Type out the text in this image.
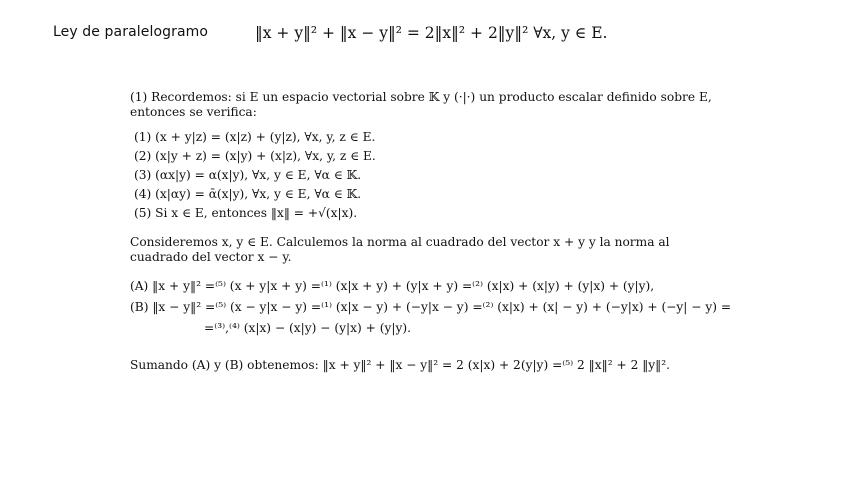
Ley de paralelogramo	‖x + y‖² + ‖x − y‖² = 2‖x‖² + 2‖y‖² ∀x, y ∈ E.

(1) Recordemos: si E un espacio vectorial sobre 𝕂 y (·|·) un producto escalar definido sobre E, entonces se verifica:

(1) (x + y|z) = (x|z) + (y|z), ∀x, y, z ∈ E.
(2) (x|y + z) = (x|y) + (x|z), ∀x, y, z ∈ E.
(3) (αx|y) = α(x|y), ∀x, y ∈ E, ∀α ∈ 𝕂.
(4) (x|αy) = ᾱ(x|y), ∀x, y ∈ E, ∀α ∈ 𝕂.
(5) Si x ∈ E, entonces ‖x‖ = +√(x|x).

Consideremos x, y ∈ E. Calculemos la norma al cuadrado del vector x + y y la norma al cuadrado del vector x − y.

(A) ‖x + y‖² =⁽⁵⁾ (x + y|x + y) =⁽¹⁾ (x|x + y) + (y|x + y) =⁽²⁾ (x|x) + (x|y) + (y|x) + (y|y),
(B) ‖x − y‖² =⁽⁵⁾ (x − y|x − y) =⁽¹⁾ (x|x − y) + (−y|x − y) =⁽²⁾ (x|x) + (x| − y) + (−y|x) + (−y| − y) =
=⁽³⁾,⁽⁴⁾ (x|x) − (x|y) − (y|x) + (y|y).
Sumando (A) y (B) obtenemos: ‖x + y‖² + ‖x − y‖² = 2 (x|x) + 2(y|y) =⁽⁵⁾ 2 ‖x‖² + 2 ‖y‖².
